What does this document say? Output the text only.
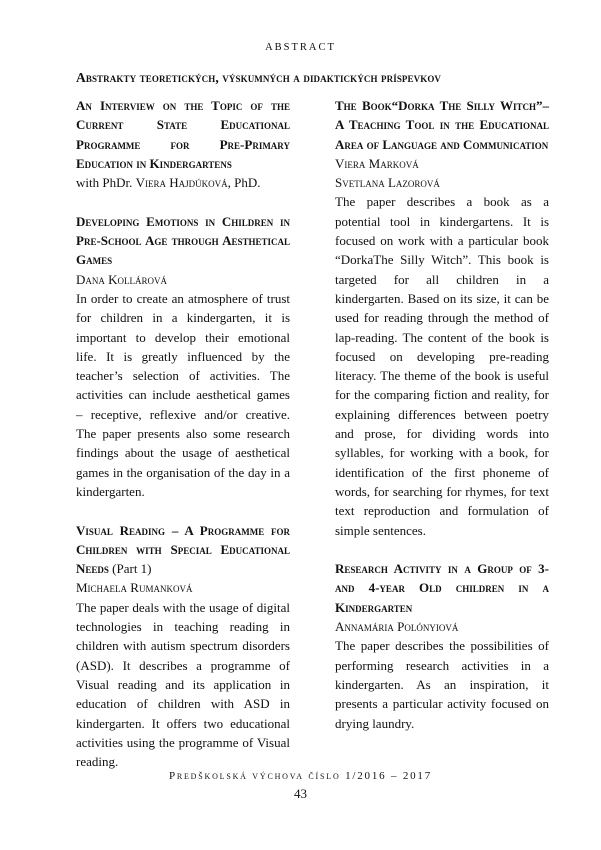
ABSTRACT
Abstrakty teoretických, výskumných a didaktických príspevkov

An Interview on the Topic of the Current State Educational Programme for Pre-Primary Education in Kindergartens

with PhDr. Viera Hajdúková, PhD.

Developing Emotions in Children in Pre-School Age through Aesthetical Games

Dana Kollárová

In order to create an atmosphere of trust for children in a kindergarten, it is important to develop their emotional life. It is greatly influenced by the teacher’s selection of activities. The activities can include aesthetical games – receptive, reflexive and/or creative. The paper presents also some research findings about the usage of aesthetical games in the organisation of the day in a kindergarten.

Visual Reading – A Programme for Children with Special Educational Needs (Part 1)

Michaela Rumanková

The paper deals with the usage of digital technologies in teaching reading in children with autism spectrum disorders (ASD). It describes a programme of Visual reading and its application in education of children with ASD in kindergarten. It offers two educational activities using the programme of Visual reading.

The Book“Dorka The Silly Witch”– A Teaching Tool in the Educational Area of Language and Communication

Viera Marková

Svetlana Lazorová

The paper describes a book as a potential tool in kindergartens. It is focused on work with a particular book “DorkaThe Silly Witch”. This book is targeted for all children in a kindergarten. Based on its size, it can be used for reading through the method of lap-reading. The content of the book is focused on developing pre-reading literacy. The theme of the book is useful for the comparing fiction and reality, for explaining differences between poetry and prose, for dividing words into syllables, for working with a book, for identification of the first phoneme of words, for searching for rhymes, for text text reproduction and formulation of simple sentences.

Research Activity in a Group of 3- and 4-year Old children in a Kindergarten

Annamária Polónyiová

The paper describes the possibilities of performing research activities in a kindergarten. As an inspiration, it presents a particular activity focused on drying laundry.

Predškolská výchova číslo 1/2016 – 2017
43
